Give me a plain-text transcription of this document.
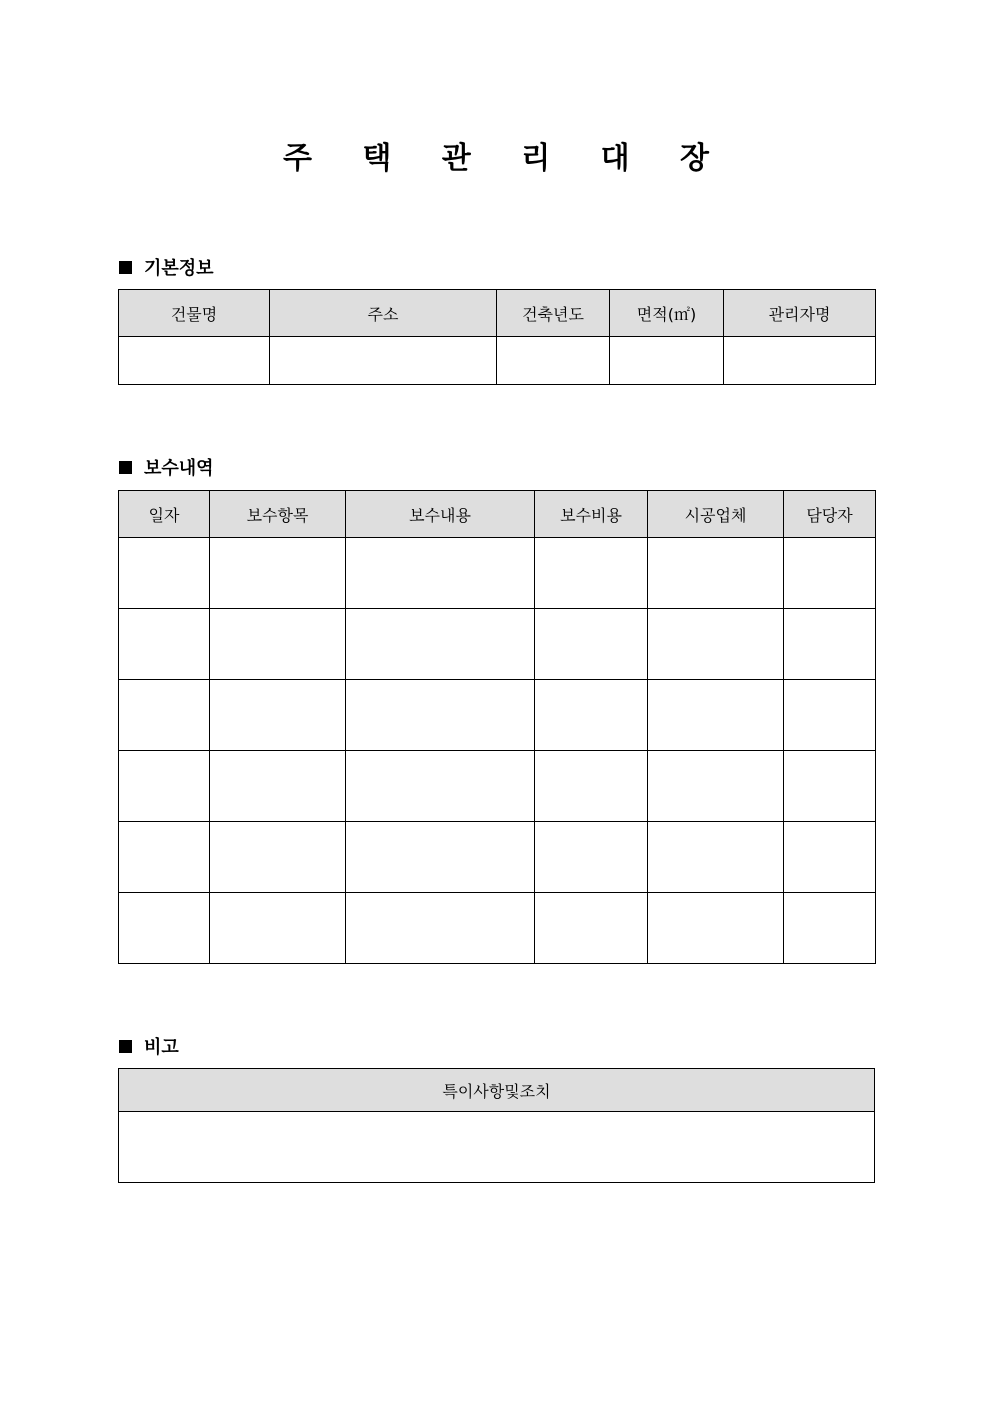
주 택 관 리 대 장
기본정보
건물명	주소	건축년도	면적(㎡)	관리자명

보수내역
일자	보수항목	보수내용	보수비용	시공업체	담당자

비고
특이사항및조치
